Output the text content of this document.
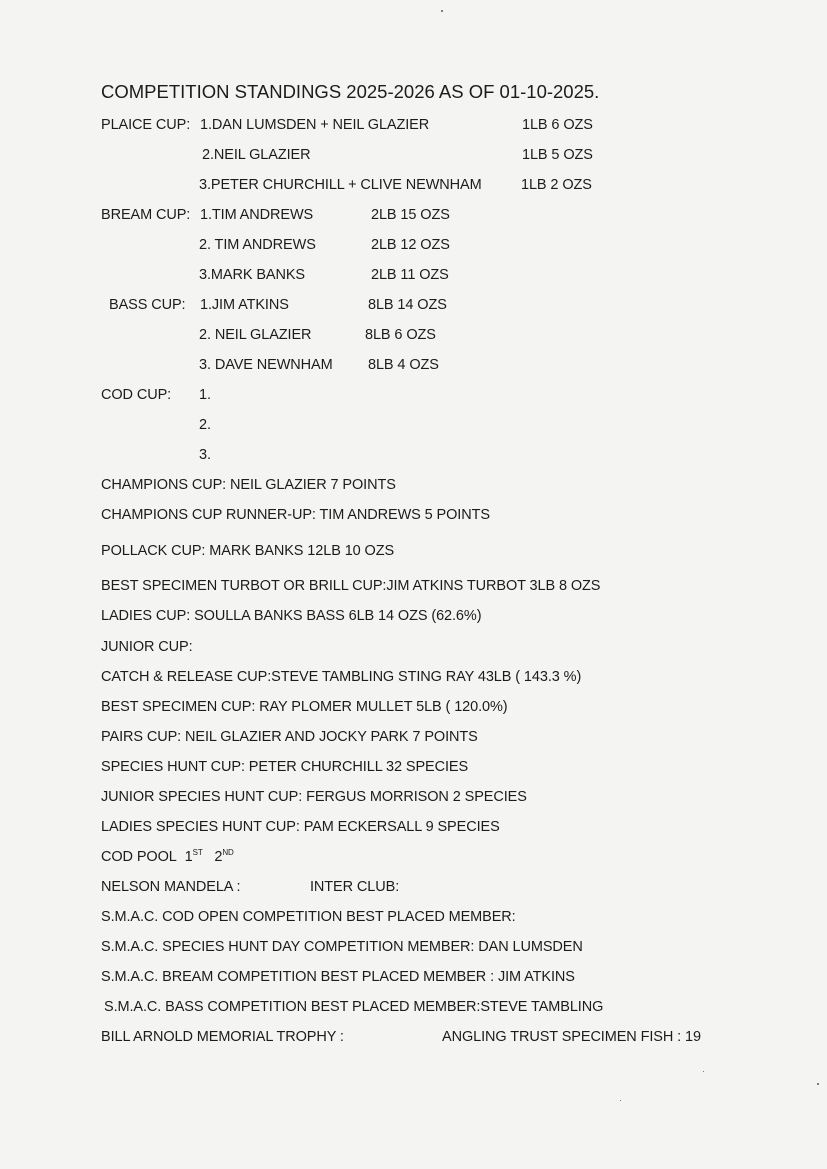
COMPETITION STANDINGS 2025-2026 AS OF 01-10-2025.
PLAICE CUP: 1.DAN LUMSDEN + NEIL GLAZIER	1LB 6 OZS
2.NEIL GLAZIER	1LB 5 OZS
3.PETER CHURCHILL + CLIVE NEWNHAM	1LB 2 OZS
BREAM CUP: 1.TIM ANDREWS	2LB 15 OZS
2. TIM ANDREWS	2LB 12 OZS
3.MARK BANKS	2LB 11 OZS
BASS CUP: 1.JIM ATKINS	8LB 14 OZS
2. NEIL GLAZIER	8LB 6 OZS
3. DAVE NEWNHAM 8LB 4 OZS
COD CUP: 1.
2.
3.
CHAMPIONS CUP: NEIL GLAZIER 7 POINTS
CHAMPIONS CUP RUNNER-UP: TIM ANDREWS 5 POINTS
POLLACK CUP: MARK BANKS 12LB 10 OZS
BEST SPECIMEN TURBOT OR BRILL CUP:JIM ATKINS TURBOT 3LB 8 OZS
LADIES CUP: SOULLA BANKS BASS 6LB 14 OZS (62.6%)
JUNIOR CUP:
CATCH & RELEASE CUP:STEVE TAMBLING STING RAY 43LB ( 143.3 %)
BEST SPECIMEN CUP: RAY PLOMER MULLET 5LB ( 120.0%)
PAIRS CUP: NEIL GLAZIER AND JOCKY PARK 7 POINTS
SPECIES HUNT CUP: PETER CHURCHILL 32 SPECIES
JUNIOR SPECIES HUNT CUP: FERGUS MORRISON 2 SPECIES
LADIES SPECIES HUNT CUP: PAM ECKERSALL 9 SPECIES
COD POOL 1ST 2ND
NELSON MANDELA :	INTER CLUB:
S.M.A.C. COD OPEN COMPETITION BEST PLACED MEMBER:
S.M.A.C. SPECIES HUNT DAY COMPETITION MEMBER: DAN LUMSDEN
S.M.A.C. BREAM COMPETITION BEST PLACED MEMBER : JIM ATKINS
S.M.A.C. BASS COMPETITION BEST PLACED MEMBER:STEVE TAMBLING
BILL ARNOLD MEMORIAL TROPHY :	ANGLING TRUST SPECIMEN FISH : 19
